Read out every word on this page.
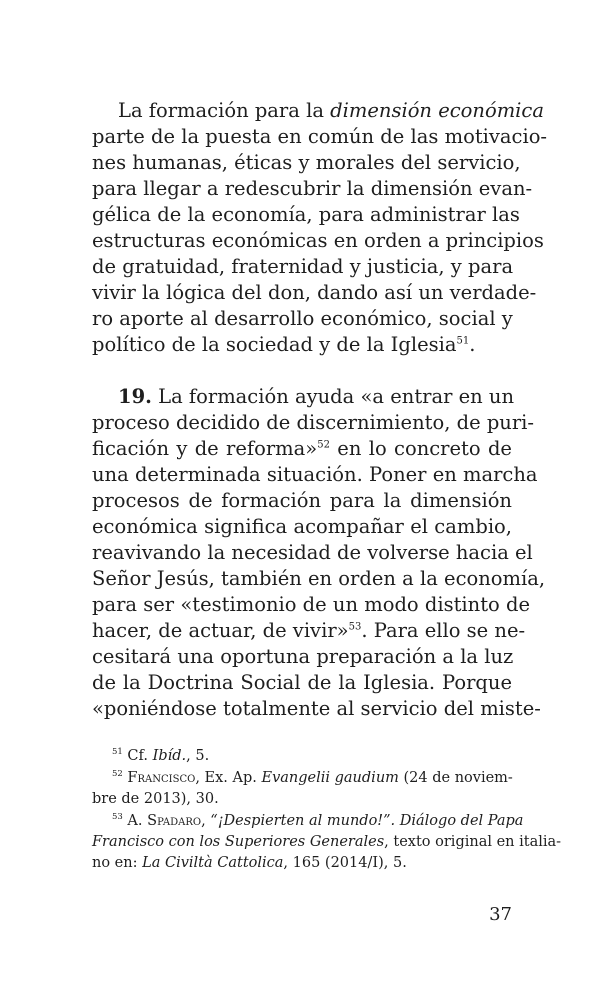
La formación para la dimensión económica
parte de la puesta en común de las motivacio-
nes humanas, éticas y morales del servicio,
para llegar a redescubrir la dimensión evan-
gélica de la economía, para administrar las
estructuras económicas en orden a principios
de gratuidad, fraternidad y justicia, y para
vivir la lógica del don, dando así un verdade-
ro aporte al desarrollo económico, social y
político de la sociedad y de la Iglesia$^{51}$.
19. La formación ayuda «a entrar en un
proceso decidido de discernimiento, de puri-
ficación y de reforma»$^{52}$ en lo concreto de
una determinada situación. Poner en marcha
procesos de formación para la dimensión
económica significa acompañar el cambio,
reavivando la necesidad de volverse hacia el
Señor Jesús, también en orden a la economía,
para ser «testimonio de un modo distinto de
hacer, de actuar, de vivir»$^{53}$. Para ello se ne-
cesitará una oportuna preparación a la luz
de la Doctrina Social de la Iglesia. Porque
«poniéndose totalmente al servicio del miste-
$^{51}$ Cf. Ibíd., 5.
$^{52}$ Francisco, Ex. Ap. Evangelii gaudium (24 de noviem-
bre de 2013), 30.
$^{53}$ A. Spadaro, “¡Despierten al mundo!”. Diálogo del Papa
Francisco con los Superiores Generales, texto original en italia-
no en: La Civiltà Cattolica, 165 (2014/I), 5.
37
